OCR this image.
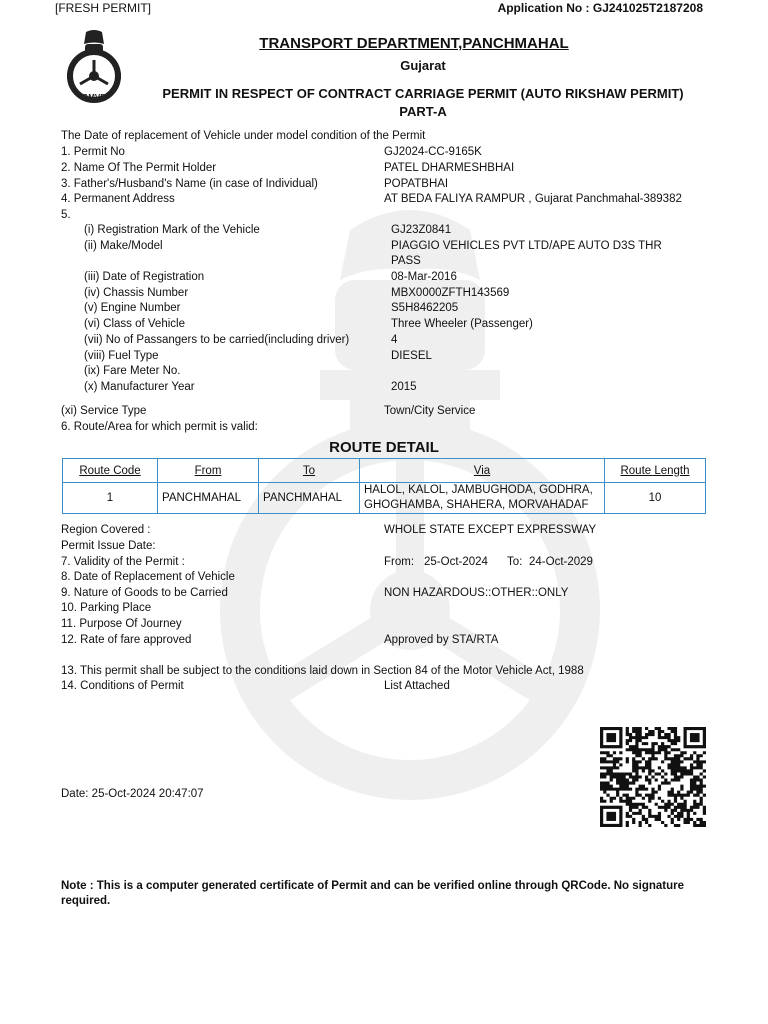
[FRESH PERMIT]	Application No : GJ241025T2187208
GMVD
TRANSPORT DEPARTMENT,PANCHMAHAL
Gujarat
PERMIT IN RESPECT OF CONTRACT CARRIAGE PERMIT (AUTO RIKSHAW PERMIT)
PART-A
The Date of replacement of Vehicle under model condition of the Permit
1. Permit No	GJ2024-CC-9165K
2. Name Of The Permit Holder	PATEL DHARMESHBHAI
3. Father's/Husband's Name (in case of Individual)	POPATBHAI
4. Permanent Address	AT BEDA FALIYA RAMPUR , Gujarat Panchmahal-389382
5.
(i) Registration Mark of the Vehicle	GJ23Z0841
(ii) Make/Model	PIAGGIO VEHICLES PVT LTD/APE AUTO D3S THR
PASS
(iii) Date of Registration	08-Mar-2016
(iv) Chassis Number	MBX0000ZFTH143569
(v) Engine Number	S5H8462205
(vi) Class of Vehicle	Three Wheeler (Passenger)
(vii) No of Passangers to be carried(including driver)	4
(viii) Fuel Type	DIESEL
(ix) Fare Meter No.
(x) Manufacturer Year	2015
(xi) Service Type	Town/City Service
6. Route/Area for which permit is valid:
ROUTE DETAIL
Route Code	From	To	Via	Route Length
1	PANCHMAHAL	PANCHMAHAL	HALOL, KALOL, JAMBUGHODA, GODHRA,
GHOGHAMBA, SHAHERA, MORVAHADAF	10
Region Covered :	WHOLE STATE EXCEPT EXPRESSWAY
Permit Issue Date:
7. Validity of the Permit :	From: 25-Oct-2024 To: 24-Oct-2029
8. Date of Replacement of Vehicle
9. Nature of Goods to be Carried	NON HAZARDOUS::OTHER::ONLY
10. Parking Place
11. Purpose Of Journey
12. Rate of fare approved	Approved by STA/RTA
13. This permit shall be subject to the conditions laid down in Section 84 of the Motor Vehicle Act, 1988
14. Conditions of Permit	List Attached
Date: 25-Oct-2024 20:47:07
Note : This is a computer generated certificate of Permit and can be verified online through QRCode. No signature required.
